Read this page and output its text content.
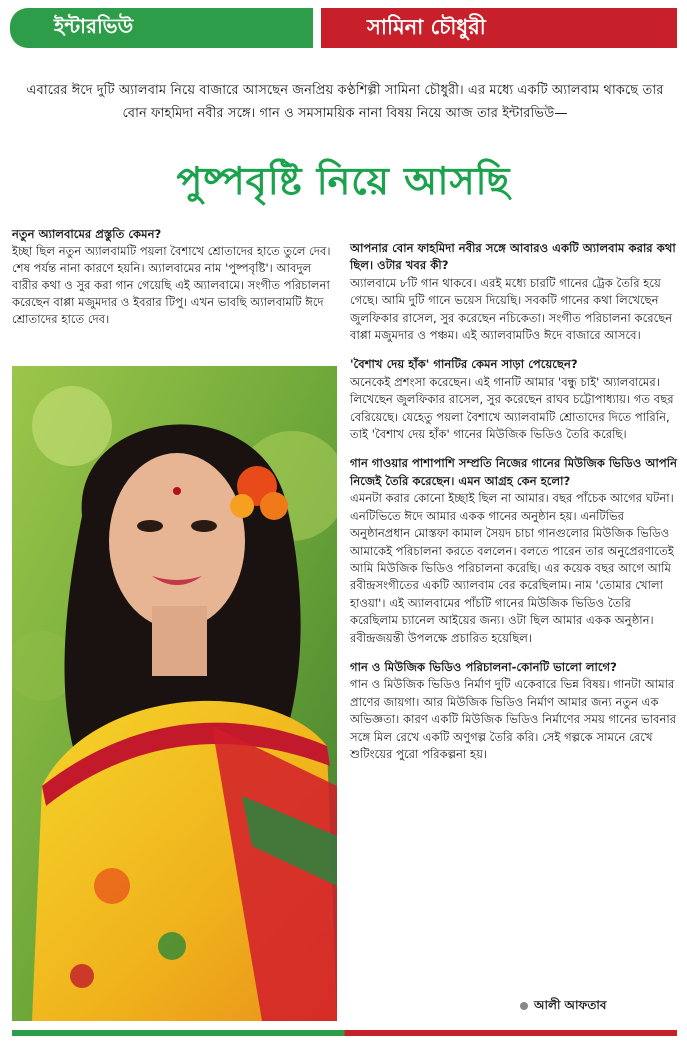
ইন্টারভিউ	সামিনা চৌধুরী

এবারের ঈদে দুটি অ্যালবাম নিয়ে বাজারে আসছেন জনপ্রিয় কণ্ঠশিল্পী সামিনা চৌধুরী। এর মধ্যে একটি অ্যালবাম থাকছে তার বোন ফাহমিদা নবীর সঙ্গে। গান ও সমসাময়িক নানা বিষয় নিয়ে আজ তার ইন্টারভিউ—

পুষ্পবৃষ্টি নিয়ে আসছি

নতুন অ্যালবামের প্রস্তুতি কেমন?

ইচ্ছা ছিল নতুন অ্যালবামটি পয়লা বৈশাখে শ্রোতাদের হাতে তুলে দেব। শেষ পর্যন্ত নানা কারণে হয়নি। অ্যালবামের নাম 'পুষ্পবৃষ্টি'। আবদুল বারীর কথা ও সুর করা গান গেয়েছি এই অ্যালবামে। সংগীত পরিচালনা করেছেন বাপ্পা মজুমদার ও ইবরার টিপু। এখন ভাবছি অ্যালবামটি ঈদে শ্রোতাদের হাতে দেব।

আপনার বোন ফাহমিদা নবীর সঙ্গে আবারও একটি অ্যালবাম করার কথা ছিল। ওটার খবর কী?

অ্যালবামে ৮টি গান থাকবে। এরই মধ্যে চারটি গানের ট্রেক তৈরি হয়ে গেছে। আমি দুটি গানে ভয়েস দিয়েছি। সবকটি গানের কথা লিখেছেন জুলফিকার রাসেল, সুর করেছেন নচিকেতা। সংগীত পরিচালনা করেছেন বাপ্পা মজুমদার ও পঞ্চম। এই অ্যালবামটিও ঈদে বাজারে আসবে।

'বৈশাখ দেয় হাঁক' গানটির কেমন সাড়া পেয়েছেন?

অনেকেই প্রশংসা করেছেন। এই গানটি আমার 'বন্ধু চাই' অ্যালবামের। লিখেছেন জুলফিকার রাসেল, সুর করেছেন রাঘব চট্টোপাধ্যায়। গত বছর বেরিয়েছে। যেহেতু পয়লা বৈশাখে অ্যালবামটি শ্রোতাদের দিতে পারিনি, তাই 'বৈশাখ দেয় হাঁক' গানের মিউজিক ভিডিও তৈরি করেছি।

গান গাওয়ার পাশাপাশি সম্প্রতি নিজের গানের মিউজিক ভিডিও আপনি নিজেই তৈরি করেছেন। এমন আগ্রহ কেন হলো?

এমনটা করার কোনো ইচ্ছাই ছিল না আমার। বছর পাঁচেক আগের ঘটনা। এনটিভিতে ঈদে আমার একক গানের অনুষ্ঠান হয়। এনটিভির অনুষ্ঠানপ্রধান মোস্তফা কামাল সৈয়দ চাচা গানগুলোর মিউজিক ভিডিও আমাকেই পরিচালনা করতে বললেন। বলতে পারেন তার অনুপ্রেরণাতেই আমি মিউজিক ভিডিও পরিচালনা করেছি। এর কয়েক বছর আগে আমি রবীন্দ্রসংগীতের একটি অ্যালবাম বের করেছিলাম। নাম 'তোমার খোলা হাওয়া'। এই অ্যালবামের পাঁচটি গানের মিউজিক ভিডিও তৈরি করেছিলাম চ্যানেল আইয়ের জন্য। ওটা ছিল আমার একক অনুষ্ঠান। রবীন্দ্রজয়ন্তী উপলক্ষে প্রচারিত হয়েছিল।

গান ও মিউজিক ভিডিও পরিচালনা-কোনটি ভালো লাগে?

গান ও মিউজিক ভিডিও নির্মাণ দুটি একেবারে ভিন্ন বিষয়। গানটা আমার প্রাণের জায়গা। আর মিউজিক ভিডিও নির্মাণ আমার জন্য নতুন এক অভিজ্ঞতা। কারণ একটি মিউজিক ভিডিও নির্মাণের সময় গানের ভাবনার সঙ্গে মিল রেখে একটি অণুগল্প তৈরি করি। সেই গল্পকে সামনে রেখে শুটিংয়ের পুরো পরিকল্পনা হয়।

আলী আফতাব
